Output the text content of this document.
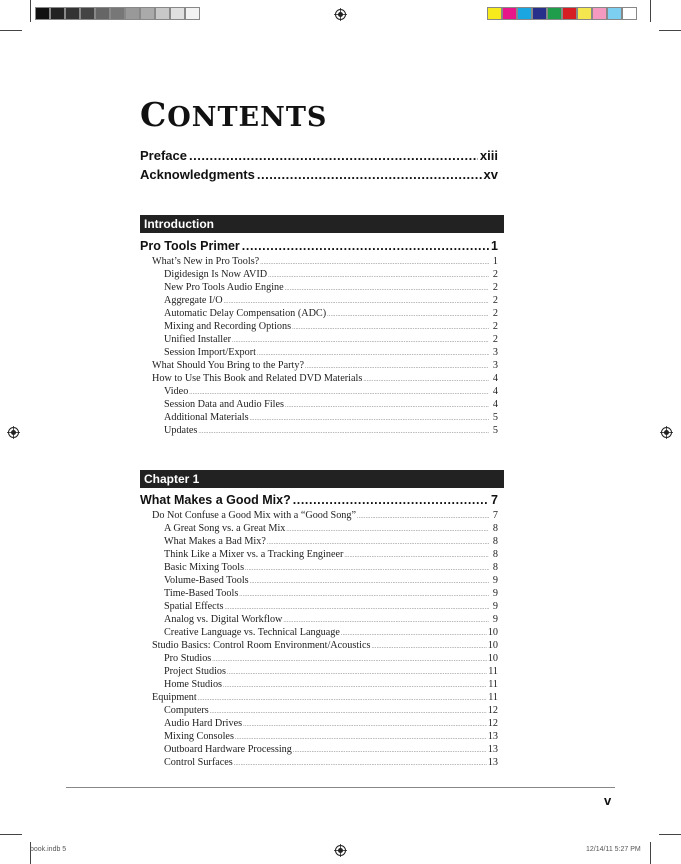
CONTENTS
Preface .....	xiii
Acknowledgments .....	xv
Introduction
Pro Tools Primer .....	1
What’s New in Pro Tools? .....	1
Digidesign Is Now AVID .....	2
New Pro Tools Audio Engine .....	2
Aggregate I/O .....	2
Automatic Delay Compensation (ADC) .....	2
Mixing and Recording Options .....	2
Unified Installer .....	2
Session Import/Export .....	3
What Should You Bring to the Party? .....	3
How to Use This Book and Related DVD Materials .....	4
Video .....	4
Session Data and Audio Files .....	4
Additional Materials .....	5
Updates .....	5
Chapter 1
What Makes a Good Mix? .....	7
Do Not Confuse a Good Mix with a “Good Song” .....	7
A Great Song vs. a Great Mix .....	8
What Makes a Bad Mix? .....	8
Think Like a Mixer vs. a Tracking Engineer .....	8
Basic Mixing Tools .....	8
Volume-Based Tools .....	9
Time-Based Tools .....	9
Spatial Effects .....	9
Analog vs. Digital Workflow .....	9
Creative Language vs. Technical Language .....	10
Studio Basics: Control Room Environment/Acoustics .....	10
Pro Studios .....	10
Project Studios .....	11
Home Studios .....	11
Equipment .....	11
Computers .....	12
Audio Hard Drives .....	12
Mixing Consoles .....	13
Outboard Hardware Processing .....	13
Control Surfaces .....	13
v
book.indb 5	12/14/11 5:27 PM
